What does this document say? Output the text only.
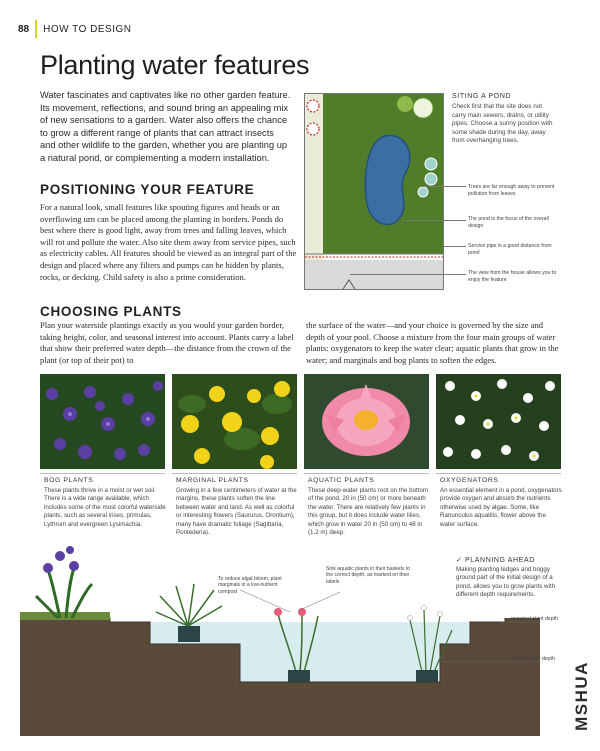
88 HOW TO DESIGN
Planting water features

Water fascinates and captivates like no other garden feature. Its movement, reflections, and sound bring an appealing mix of new sensations to a garden. Water also offers the chance to grow a different range of plants that can attract insects and other wildlife to the garden, whether you are planting up a natural pond, or complementing a modern installation.

POSITIONING YOUR FEATURE

For a natural look, small features like spouting figures and heads or an overflowing urn can be placed among the planting in borders. Ponds do best where there is good light, away from trees and falling leaves, which will rot and pollute the water. Also site them away from service pipes, such as electricity cables. All features should be viewed as an integral part of the design and placed where any filters and pumps can be hidden by plants, rocks, or decking. Child safety is also a prime consideration.

SITING A POND
Check first that the site does not carry main sewers, drains, or utility pipes. Choose a sunny position with some shade during the day, away from overhanging trees.
Trees are far enough away to prevent pollution from leaves
The pond is the focus of the overall design
Service pipe is a good distance from pond
The view from the house allows you to enjoy the feature
CHOOSING PLANTS

Plan your waterside plantings exactly as you would your garden border, taking height, color, and seasonal interest into account. Plants carry a label that show their preferred water depth—the distance from the crown of the plant (or top of their pot) to

the surface of the water—and your choice is governed by the size and depth of your pool. Choose a mixture from the four main groups of water plants: oxygenators to keep the water clear; aquatic plants that grow in the water; and marginals and bog plants to soften the edges.

BOG PLANTS
These plants thrive in a moist or wet soil. There is a wide range available, which includes some of the most colorful waterside plants, such as several irises, primulas, Lythrum and evergreen Lysimachia.
MARGINAL PLANTS
Growing in a few centimeters of water at the margins, these plants soften the line between water and land. As well as colorful or interesting flowers (Saururus, Orontium), many have dramatic foliage (Sagittaria, Pontederia).
AQUATIC PLANTS
These deep-water plants root on the bottom of the pond, 20 in (50 cm) or more beneath the water. There are relatively few plants in this group, but it does include water lilies, which grow in water 20 in (50 cm) to 48 in (1.2 m) deep.
OXYGENATORS
An essential element in a pond, oxygenators provide oxygen and absorb the nutrients otherwise used by algae. Some, like Ranunculus aquatilis, flower above the water surface.
✓ PLANNING AHEAD
Making planting ledges and boggy ground part of the initial design of a pond, allows you to grow plants with different depth requirements.
To reduce algal bloom, plant marginals in a low-nutrient compost
Sink aquatic plants in their baskets to the correct depth, as marked on their labels
marginal plant depth
aquatic plant depth
MSHUA
